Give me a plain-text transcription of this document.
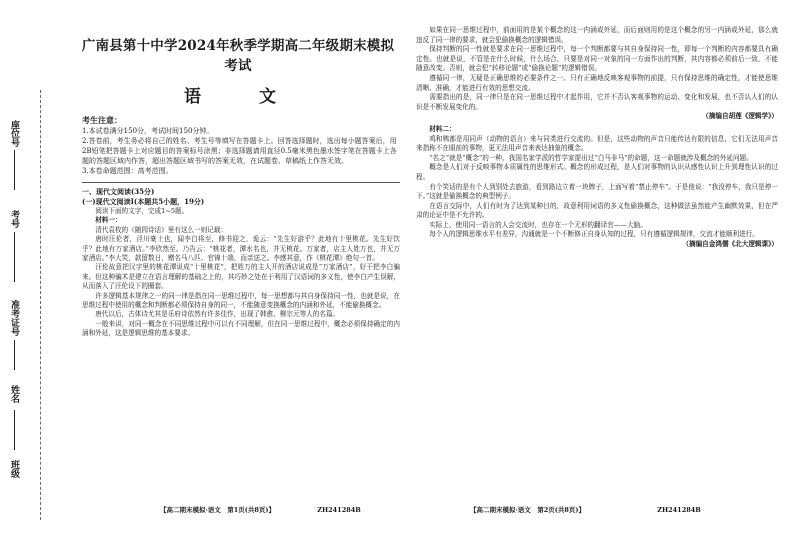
座位号
考号
准考证号
姓名
班级
广南县第十中学2024年秋季学期高二年级期末模拟考试
语 文
考生注意：
1.本试卷满分150分，考试时间150分钟。
2.答卷前，考生务必将自己的姓名、考生号等填写在答题卡上。回答选择题时，选出每小题答案后，用2B铅笔把答题卡上对应题目的答案标号涂黑；非选择题请用直径0.5毫米黑色墨水签字笔在答题卡上各题的答题区域内作答，超出答题区域书写的答案无效，在试题卷、草稿纸上作答无效。
3.本卷命题范围：高考范围。
一、现代文阅读(35分)
(一)现代文阅读Ⅰ(本题共5小题，19分)

阅读下面的文字，完成1~5题。

材料一：

清代袁枚的《随园诗话》里有这么一则记载：

唐时汪伦者，泾川豪士也，闻李白将至，修书迎之，诡云：“先生好游乎？此地有十里桃花。先生好饮乎？此地有万家酒店。”李欣然至。乃告云：“桃花者，潭水名也，并无桃花。万家者，店主人姓万也，并无万家酒店。”李大笑，款留数日，赠名马八匹、官锦十端，而亲送之。李感其意，作《桃花潭》绝句一首。

汪伦故意把汉字里的桃花潭说成“十里桃花”，把姓万的主人开的酒店说成是“万家酒店”，好干把李白骗来。但这种骗术是建立在语言理解的基础之上的，其巧妙之处在于利用了汉语词的多义性，使李白产生误解，从而落入了汪伦设下的圈套。

许多逻辑基本规律之一的同一律是指在同一思维过程中，每一思想都与其自身保持同一性，也就是说，在思维过程中使用的概念和判断都必须保持自身的同一，不能随意变换概念的内涵和外延，不能偷换概念。

唐代以后，古体诗尤其是乐府诗依然有许多佳作，出现了韩愈、柳宗元等人的名篇。

一般来讲，对同一概念在不同思维过程中可以有不同理解，但在同一思维过程中，概念必须保持确定的内涵和外延，这是逻辑思维的基本要求。

【高二期末模拟·语文　第1页(共8页)】	ZH241284B

如果在同一思维过程中，前面用的是某个概念的这一内涵或外延，而后面则用的是这个概念的另一内涵或外延，那么就违反了同一律的要求，就会犯偷换概念的逻辑错误。

保持判断的同一性就是要求在同一思维过程中，每一个判断都要与其自身保持同一性，即每一个判断的内容都要具有确定性。也就是说，不管是在什么时候，什么场合，只要是对同一对象的同一方面作出的判断，其内容都必须前后一致，不能随意改变。否则，就会犯“转移论题”或“偷换论题”的逻辑错误。

遵循同一律，无疑是正确思维的必要条件之一。只有正确地反映客观事物的前提，只有保持思维的确定性，才能使思维清晰、准确，才能进行有效的思想交流。

需要指出的是，同一律只是在同一思维过程中才起作用，它并不否认客观事物的运动、变化和发展，也不否认人们的认识是不断发展变化的。

（摘编自胡莲《逻辑学》）

材料二：

鸡和鸭都是用同声（动物的语言）来与同类进行交流的。但是，这些动物的声音只能传达有限的信息，它们无法用声音来指称不在眼前的事物，更无法用声音来表达抽象的概念。

“名之”就是“概念”的一种。我国名家学派的哲学家提出过“白马非马”的命题，这一命题就涉及概念的外延问题。

概念是人们对于反映事物本质属性的思维形式。概念的形成过程，是人们对事物的认识从感性认识上升到理性认识的过程。

有个笑话的是有个人到别处去旅游，看到路边立着一块牌子，上面写着“禁止停车”。于是他说：“我没停车，我只是停一下。”这就是偷换概念的典型例子。

在语言交际中，人们有时为了达到某种目的，故意利用词语的多义性偷换概念，这种做法虽然能产生幽默效果，但在严肃的论证中是不允许的。

实际上，使用同一语言的人会交流时，也存在一个无形的翻译官——大脑。

每个人的逻辑思维水平有差异，沟通就是一个不断修正自身认知的过程，只有遵循逻辑规律，交流才能顺利进行。

（摘编自金鸿儒《北大逻辑课》）

【高二期末模拟·语文　第2页(共8页)】	ZH241284B
